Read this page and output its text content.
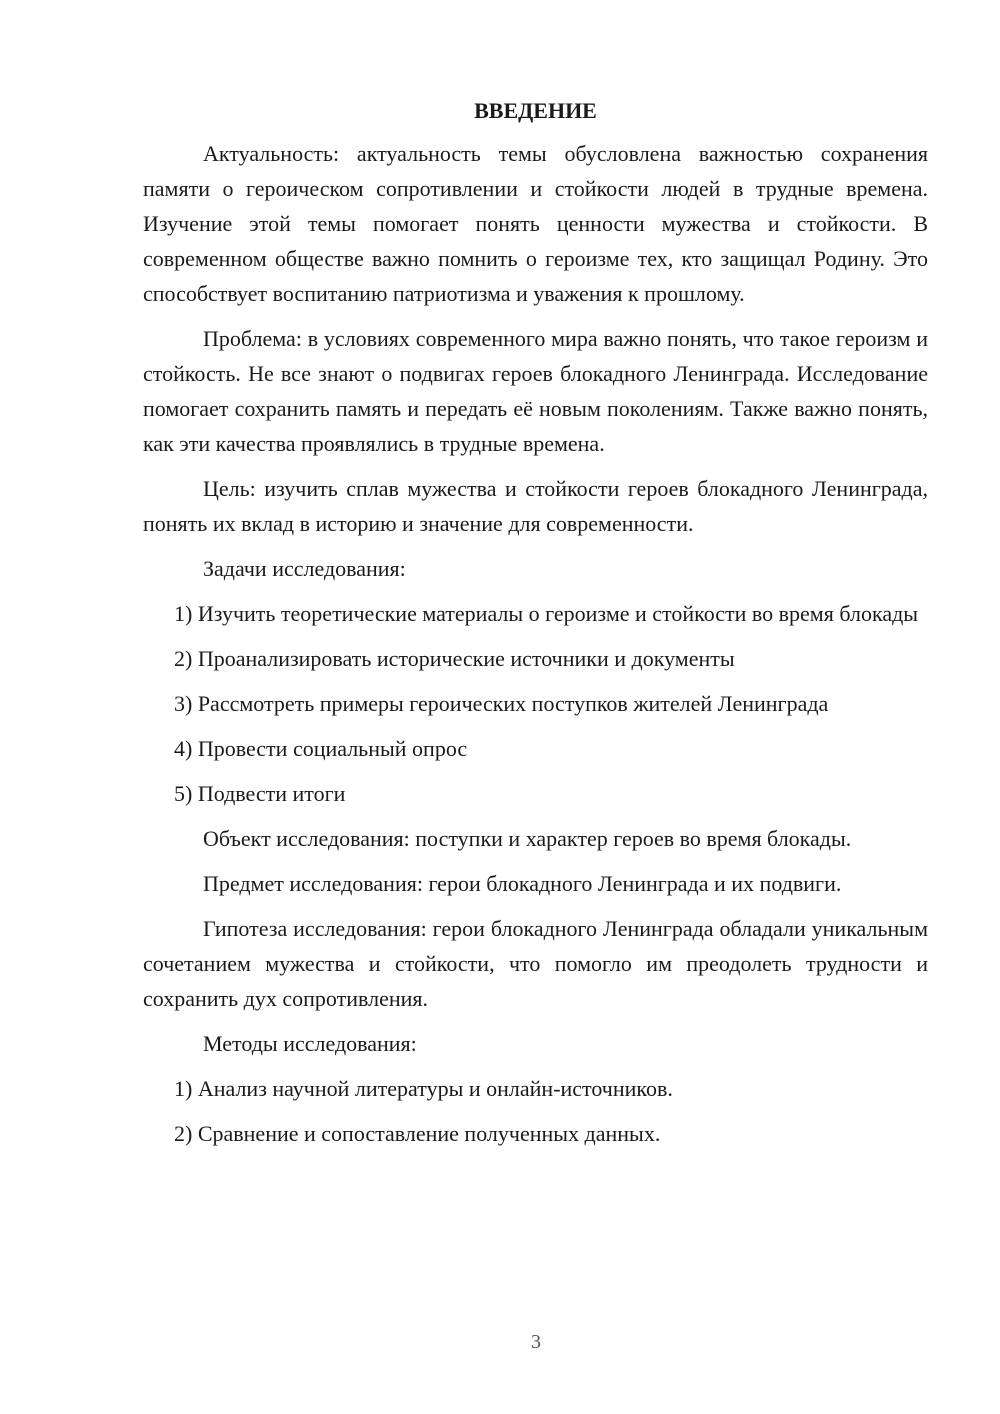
ВВЕДЕНИЕ

Актуальность: актуальность темы обусловлена важностью сохранения памяти о героическом сопротивлении и стойкости людей в трудные времена. Изучение этой темы помогает понять ценности мужества и стойкости. В современном обществе важно помнить о героизме тех, кто защищал Родину. Это способствует воспитанию патриотизма и уважения к прошлому.

Проблема: в условиях современного мира важно понять, что такое героизм и стойкость. Не все знают о подвигах героев блокадного Ленинграда. Исследование помогает сохранить память и передать её новым поколениям. Также важно понять, как эти качества проявлялись в трудные времена.

Цель: изучить сплав мужества и стойкости героев блокадного Ленинграда, понять их вклад в историю и значение для современности.

Задачи исследования:

1) Изучить теоретические материалы о героизме и стойкости во время блокады

2) Проанализировать исторические источники и документы

3) Рассмотреть примеры героических поступков жителей Ленинграда

4) Провести социальный опрос

5) Подвести итоги

Объект исследования: поступки и характер героев во время блокады.

Предмет исследования: герои блокадного Ленинграда и их подвиги.

Гипотеза исследования: герои блокадного Ленинграда обладали уникальным сочетанием мужества и стойкости, что помогло им преодолеть трудности и сохранить дух сопротивления.

Методы исследования:

1) Анализ научной литературы и онлайн-источников.

2) Сравнение и сопоставление полученных данных.

3
